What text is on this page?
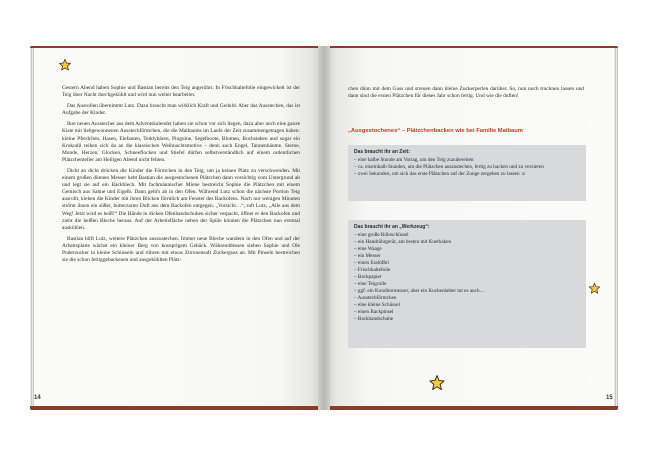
Gestern Abend haben Sophie und Bastian bereits den Teig angerührt. In Frischhaltefolie eingewickelt ist der Teig über Nacht durchgekühlt und wird nun weiter bearbeitet.

Das Ausrollen übernimmt Lutz. Dazu braucht man wirklich Kraft und Geduld. Aber das Ausstechen, das ist Aufgabe der Kinder.

Ihre neuen Ausstecher aus dem Adventskalender haben sie schon vor sich liegen, dazu aber auch eine ganze Kiste mit liebgewonnenen Ausstechförmchen, die die Maibaums im Laufe der Zeit zusammengetragen haben: kleine Pferdchen, Hasen, Elefanten, Teddybären, Pinguine, Segelboote, Blumen, Buchstaben und sogar ein Krokodil reihen sich da an die klassischen Weihnachtsmotive – denn auch Engel, Tannenbäume, Sterne, Monde, Herzen, Glocken, Schneeflocken und Stiefel dürfen selbstverständlich auf einem ordentlichen Plätzchenteller am Heiligen Abend nicht fehlen.

Dicht an dicht drücken die Kinder die Förmchen in den Teig, um ja keinen Platz zu verschwenden. Mit einem großen dünnen Messer hebt Bastian die ausgestochenen Plätzchen dann vorsichtig vom Untergrund ab und legt sie auf ein Backblech. Mit fachmännischer Miene bestreicht Sophie die Plätzchen mit einem Gemisch aus Sahne und Eigelb. Dann geht's ab in den Ofen. Während Lutz schon die nächste Portion Teig ausrollt, kleben die Kinder mit ihren Blicken förmlich am Fenster des Backofens. Nach nur wenigen Minuten strömt ihnen ein süßer, butterzarter Duft aus dem Backofen entgegen. „Vorsicht…“, ruft Lutz, „Alle aus dem Weg! Jetzt wird es heiß!“ Die Hände in dicken Ofenhandschuhen sicher verpackt, öffnet er den Backofen und zieht die heißen Bleche heraus. Auf der Arbeitsfläche neben der Spüle können die Plätzchen nun erstmal auskühlen.

Bastian hilft Lutz, weitere Plätzchen auszustechen. Immer neue Bleche wandern in den Ofen und auf der Arbeitsplatte wächst ein kleiner Berg von knusprigem Gebäck. Währenddessen sieben Sophie und Ole Puderzucker in kleine Schüsseln und rühren mit etwas Zitronensaft Zuckerguss an. Mit Pinseln bestreichen sie die schon fertiggebackenen und ausgekühlten Plätz-

14

chen dünn mit dem Guss und streuen dann kleine Zuckerperlen darüber. So, nun noch trocknen lassen und dann sind die ersten Plätzchen für dieses Jahr schon fertig. Und wie die duften!

„Ausgestochenes“ – Plätzchenbacken wie bei Familie Maibaum
Das braucht ihr an Zeit:
– eine halbe Stunde am Vortag, um den Teig zuzubereiten
– ca. eineinhalb Stunden, um die Plätzchen auszustechen, fertig zu backen und zu verzieren
– zwei Sekunden, um sich das erste Plätzchen auf der Zunge zergehen zu lassen ☺
Das braucht ihr an „Werkzeug“:
– eine große Rührschüssel
– ein Handrührgerät, am besten mit Knethaken
– eine Waage
– ein Messer
– einen Esslöffel
– Frischhaltefolie
– Backpapier
– eine Teigrolle
– ggf. ein Konditormesser, aber ein Kuchenheber tut es auch…
– Ausstechförmchen
– eine kleine Schüssel
– einen Backpinsel
– Backhandschuhe
15
